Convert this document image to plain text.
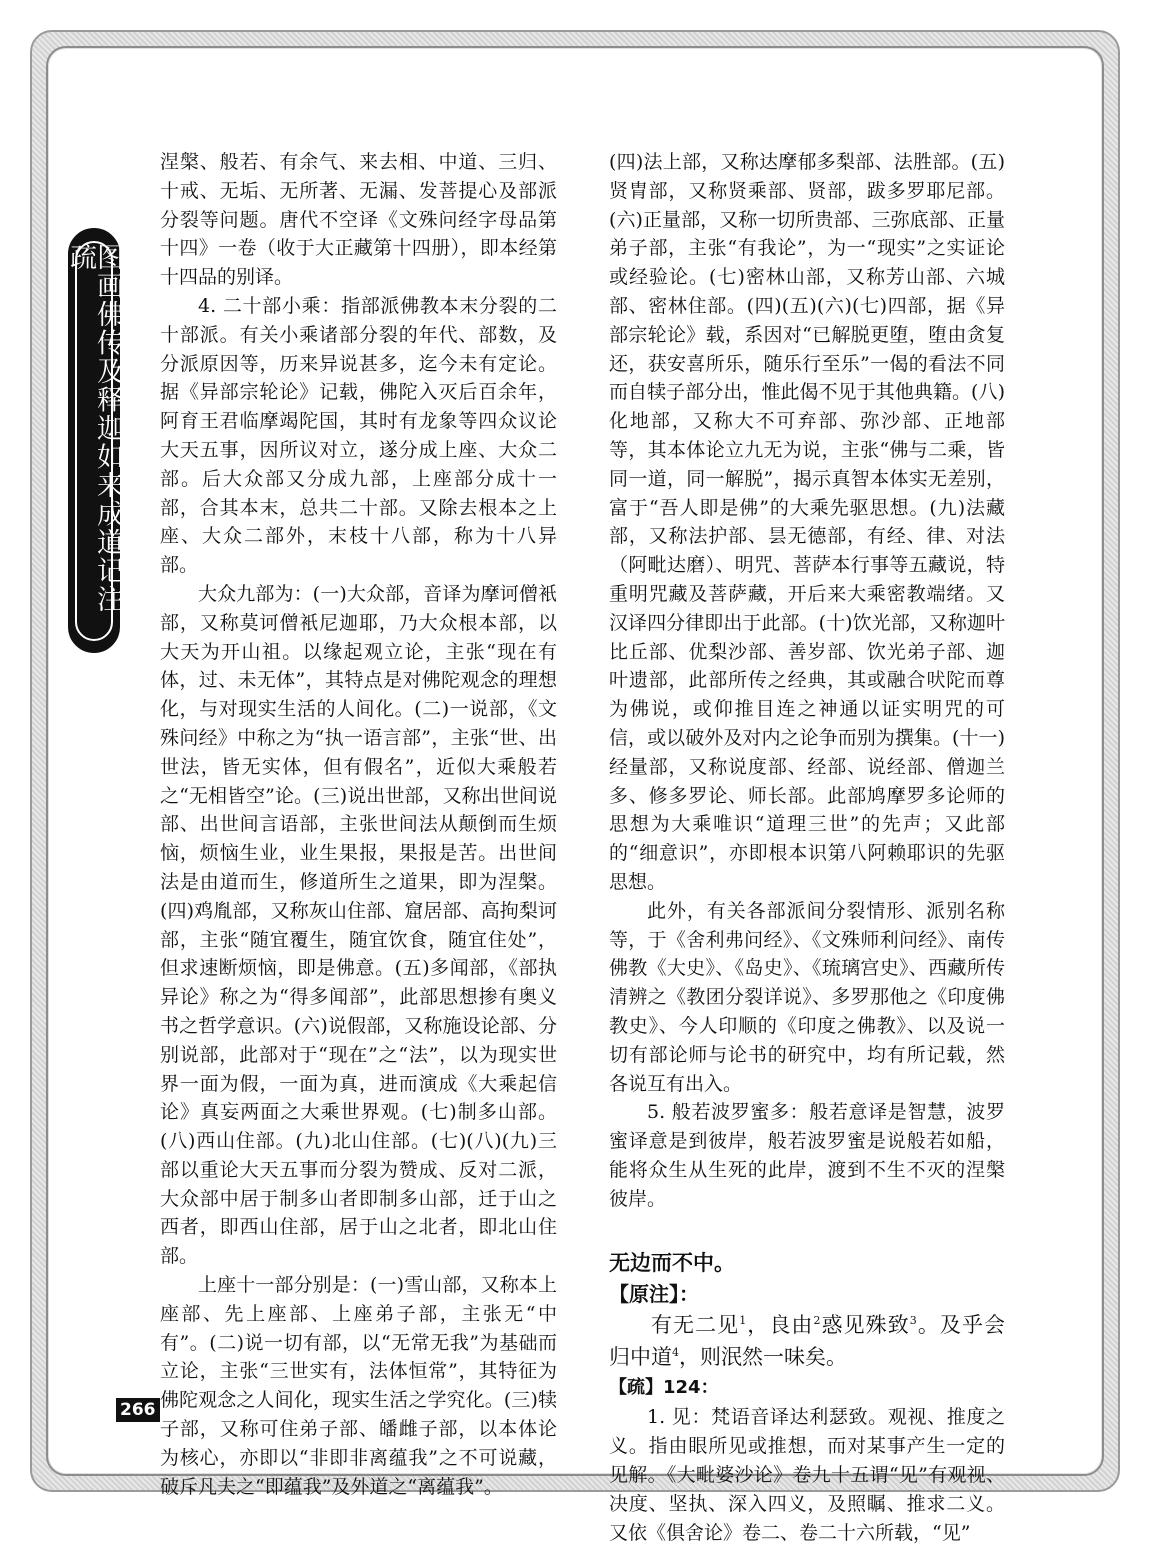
图画佛传及释迦如来成道记注疏

涅槃、般若、有余气、来去相、中道、三归、十戒、无垢、无所著、无漏、发菩提心及部派分裂等问题。唐代不空译《文殊问经字母品第十四》一卷（收于大正藏第十四册），即本经第十四品的别译。

4. 二十部小乘：指部派佛教本末分裂的二十部派。有关小乘诸部分裂的年代、部数，及分派原因等，历来异说甚多，迄今未有定论。据《异部宗轮论》记载，佛陀入灭后百余年，阿育王君临摩竭陀国，其时有龙象等四众议论大天五事，因所议对立，遂分成上座、大众二部。后大众部又分成九部，上座部分成十一部，合其本末，总共二十部。又除去根本之上座、大众二部外，末枝十八部，称为十八异部。

大众九部为：(一)大众部，音译为摩诃僧衹部，又称莫诃僧衹尼迦耶，乃大众根本部，以大天为开山祖。以缘起观立论，主张“现在有体，过、未无体”，其特点是对佛陀观念的理想化，与对现实生活的人间化。(二)一说部，《文殊问经》中称之为“执一语言部”，主张“世、出世法，皆无实体，但有假名”，近似大乘般若之“无相皆空”论。(三)说出世部，又称出世间说部、出世间言语部，主张世间法从颠倒而生烦恼，烦恼生业，业生果报，果报是苦。出世间法是由道而生，修道所生之道果，即为涅槃。(四)鸡胤部，又称灰山住部、窟居部、高拘梨诃部，主张“随宜覆生，随宜饮食，随宜住处”，但求速断烦恼，即是佛意。(五)多闻部，《部执异论》称之为“得多闻部”，此部思想掺有奥义书之哲学意识。(六)说假部，又称施设论部、分别说部，此部对于“现在”之“法”，以为现实世界一面为假，一面为真，进而演成《大乘起信论》真妄两面之大乘世界观。(七)制多山部。(八)西山住部。(九)北山住部。(七)(八)(九)三部以重论大天五事而分裂为赞成、反对二派，大众部中居于制多山者即制多山部，迁于山之西者，即西山住部，居于山之北者，即北山住部。

上座十一部分别是：(一)雪山部，又称本上座部、先上座部、上座弟子部，主张无“中有”。(二)说一切有部，以“无常无我”为基础而立论，主张“三世实有，法体恒常”，其特征为佛陀观念之人间化，现实生活之学究化。(三)犊子部，又称可住弟子部、皤雌子部，以本体论为核心，亦即以“非即非离蕴我”之不可说藏，破斥凡夫之“即蕴我”及外道之“离蕴我”。

(四)法上部，又称达摩郁多梨部、法胜部。(五)贤胄部，又称贤乘部、贤部，跋多罗耶尼部。(六)正量部，又称一切所贵部、三弥底部、正量弟子部，主张“有我论”，为一“现实”之实证论或经验论。(七)密林山部，又称芳山部、六城部、密林住部。(四)(五)(六)(七)四部，据《异部宗轮论》载，系因对“已解脱更堕，堕由贪复还，获安喜所乐，随乐行至乐”一偈的看法不同而自犊子部分出，惟此偈不见于其他典籍。(八)化地部，又称大不可弃部、弥沙部、正地部等，其本体论立九无为说，主张“佛与二乘，皆同一道，同一解脱”，揭示真智本体实无差别，富于“吾人即是佛”的大乘先驱思想。(九)法藏部，又称法护部、昙无德部，有经、律、对法（阿毗达磨）、明咒、菩萨本行事等五藏说，特重明咒藏及菩萨藏，开后来大乘密教端绪。又汉译四分律即出于此部。(十)饮光部，又称迦叶比丘部、优梨沙部、善岁部、饮光弟子部、迦叶遗部，此部所传之经典，其或融合吠陀而尊为佛说，或仰推目连之神通以证实明咒的可信，或以破外及对内之论争而别为撰集。(十一)经量部，又称说度部、经部、说经部、僧迦兰多、修多罗论、师长部。此部鸠摩罗多论师的思想为大乘唯识“道理三世”的先声；又此部的“细意识”，亦即根本识第八阿赖耶识的先驱思想。

此外，有关各部派间分裂情形、派别名称等，于《舍利弗问经》、《文殊师利问经》、南传佛教《大史》、《岛史》、《琉璃宫史》、西藏所传清辨之《教团分裂详说》、多罗那他之《印度佛教史》、今人印顺的《印度之佛教》、以及说一切有部论师与论书的研究中，均有所记载，然各说互有出入。

5. 般若波罗蜜多：般若意译是智慧，波罗蜜译意是到彼岸，般若波罗蜜是说般若如船，能将众生从生死的此岸，渡到不生不灭的涅槃彼岸。

无边而不中。
【原注】：

有无二见$^1$，良由$^2$惑见殊致$^3$。及乎会归中道$^4$，则泯然一味矣。

【疏】124：

1. 见：梵语音译达利瑟致。观视、推度之义。指由眼所见或推想，而对某事产生一定的见解。《大毗婆沙论》卷九十五谓“见”有观视、决度、坚执、深入四义，及照瞩、推求二义。又依《俱舍论》卷二、卷二十六所载，“见”

266
